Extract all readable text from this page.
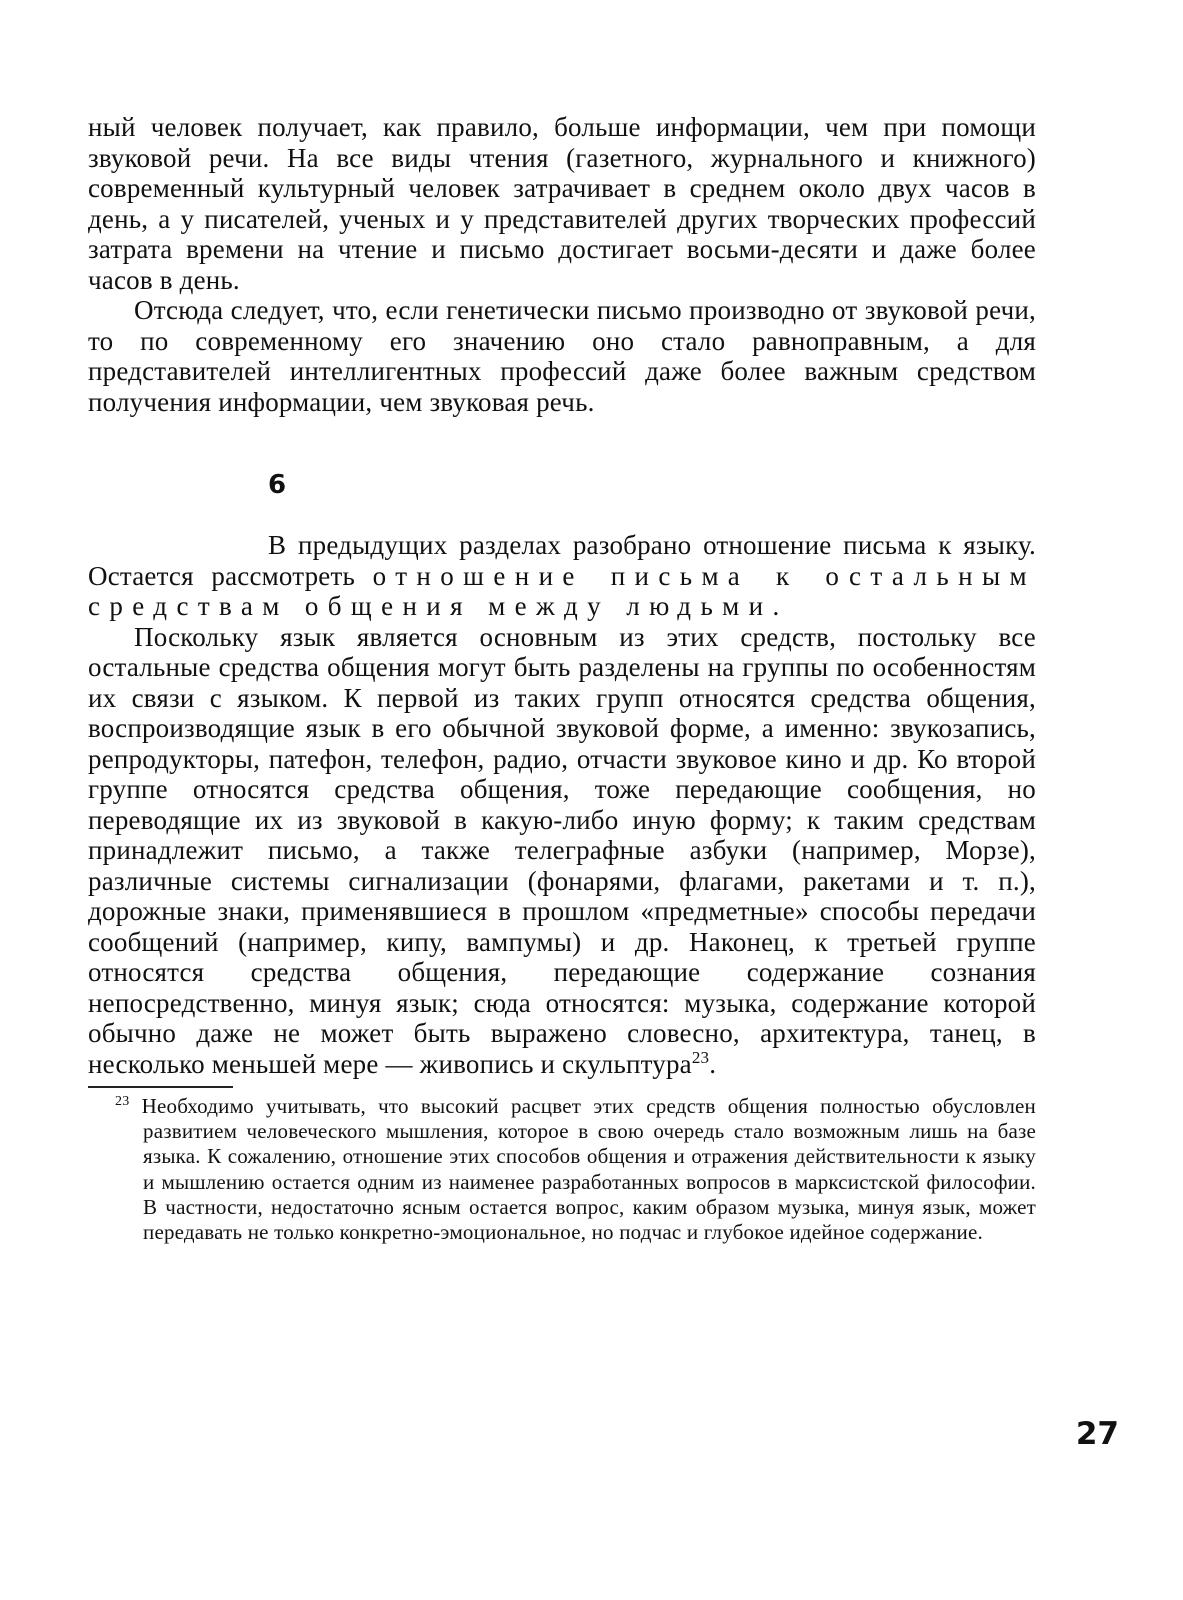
ный человек получает, как правило, больше информации, чем при помощи звуковой речи. На все виды чтения (газетного, журнального и книжного) современный культурный человек затрачивает в среднем около двух часов в день, а у писателей, ученых и у представителей других творческих профессий затрата времени на чтение и письмо достигает восьми-десяти и даже более часов в день.

Отсюда следует, что, если генетически письмо производно от звуковой речи, то по современному его значению оно стало равноправным, а для представителей интеллигентных профессий даже более важным средством получения информации, чем звуковая речь.

6

В предыдущих разделах разобрано отношение письма к языку. Остается рассмотреть отношение письма к остальным средствам общения между людьми.

Поскольку язык является основным из этих средств, постольку все остальные средства общения могут быть разделены на группы по особенностям их связи с языком. К первой из таких групп относятся средства общения, воспроизводящие язык в его обычной звуковой форме, а именно: звукозапись, репродукторы, патефон, телефон, радио, отчасти звуковое кино и др. Ко второй группе относятся средства общения, тоже передающие сообщения, но переводящие их из звуковой в какую-либо иную форму; к таким средствам принадлежит письмо, а также телеграфные азбуки (например, Морзе), различные системы сигнализации (фонарями, флагами, ракетами и т. п.), дорожные знаки, применявшиеся в прошлом «предметные» способы передачи сообщений (например, кипу, вампумы) и др. Наконец, к третьей группе относятся средства общения, передающие содержание сознания непосредственно, минуя язык; сюда относятся: музыка, содержание которой обычно даже не может быть выражено словесно, архитектура, танец, в несколько меньшей мере — живопись и скульптура$^{23}$.

$^{23}$ Необходимо учитывать, что высокий расцвет этих средств общения полностью обусловлен развитием человеческого мышления, которое в свою очередь стало возможным лишь на базе языка. К сожалению, отношение этих способов общения и отражения действительности к языку и мышлению остается одним из наименее разработанных вопросов в марксистской философии. В частности, недостаточно ясным остается вопрос, каким образом музыка, минуя язык, может передавать не только конкретно-эмоциональное, но подчас и глубокое идейное содержание.

27
